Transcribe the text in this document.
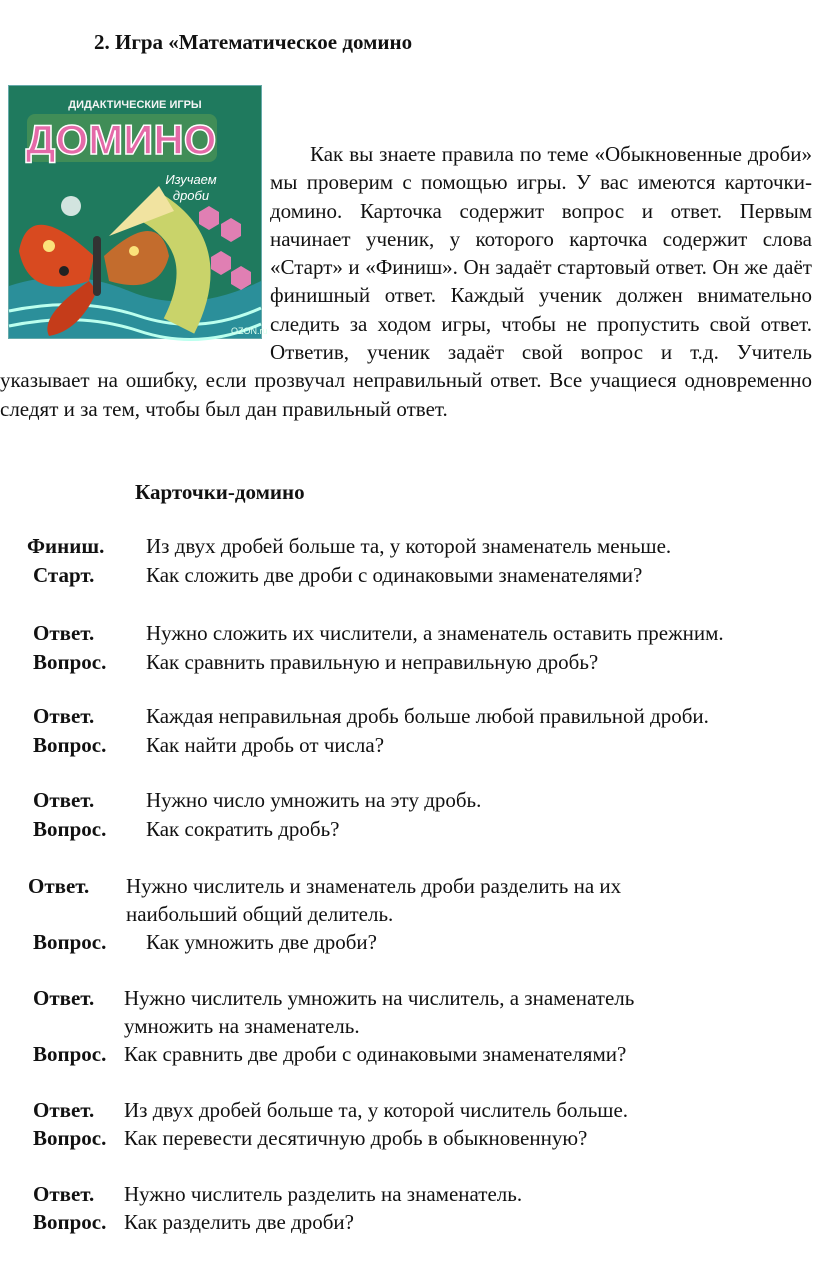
2. Игра «Математическое домино
ДИДАКТИЧЕСКИЕ ИГРЫ
ДОМИНО
Изучаем
дроби
OZON.ru

Как вы знаете правила по теме «Обыкновенные дроби» мы проверим с помощью игры. У вас имеются карточки-домино. Карточка содержит вопрос и ответ. Первым начинает ученик, у которого карточка содержит слова «Старт» и «Финиш». Он задаёт стартовый ответ. Он же даёт финишный ответ. Каждый ученик должен внимательно следить за ходом игры, чтобы не пропустить свой ответ. Ответив, ученик задаёт свой вопрос и т.д. Учитель указывает на ошибку, если прозвучал неправильный ответ. Все учащиеся одновременно следят и за тем, чтобы был дан правильный ответ.

Карточки-домино
Финиш. Из двух дробей больше та, у которой знаменатель меньше.
Старт. Как сложить две дроби с одинаковыми знаменателями?
Ответ. Нужно сложить их числители, а знаменатель оставить прежним.
Вопрос. Как сравнить правильную и неправильную дробь?
Ответ. Каждая неправильная дробь больше любой правильной дроби.
Вопрос. Как найти дробь от числа?
Ответ. Нужно число умножить на эту дробь.
Вопрос. Как сократить дробь?
Ответ. Нужно числитель и знаменатель дроби разделить на их
наибольший общий делитель.
Вопрос. Как умножить две дроби?
Ответ. Нужно числитель умножить на числитель, а знаменатель
умножить на знаменатель.
Вопрос. Как сравнить две дроби с одинаковыми знаменателями?
Ответ. Из двух дробей больше та, у которой числитель больше.
Вопрос. Как перевести десятичную дробь в обыкновенную?
Ответ. Нужно числитель разделить на знаменатель.
Вопрос. Как разделить две дроби?
